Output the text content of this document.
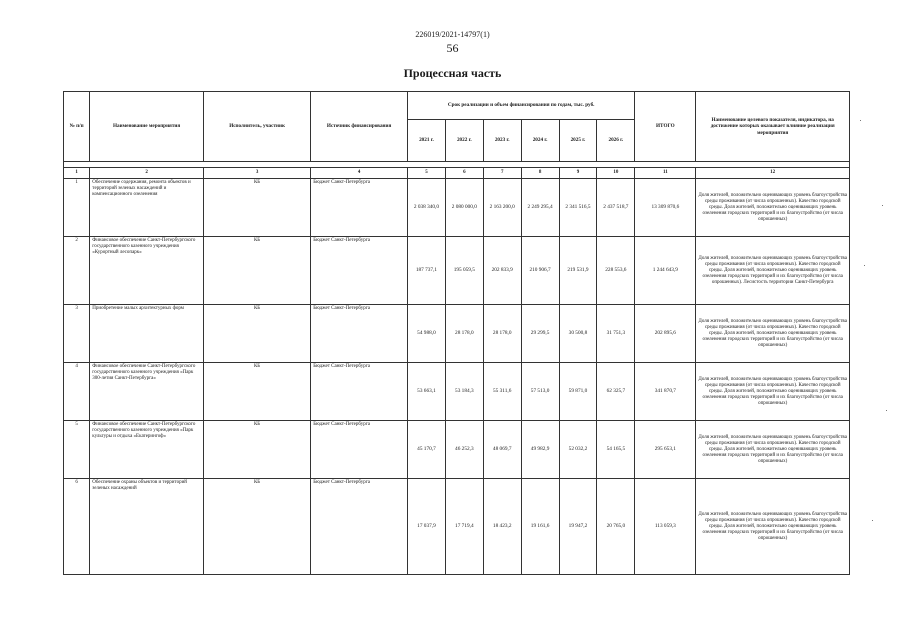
226019/2021-14797(1)
56
Процессная часть
№ п/п	Наименование мероприятия	Исполнитель, участник	Источник финансирования	Срок реализации и объем финансирования по годам, тыс. руб.						ИТОГО	Наименование целевого показателя, индикатора, на достижение которых оказывает влияние реализация мероприятия
				2021 г.	2022 г.	2023 г.	2024 г.	2025 г.	2026 г.		

1	2	3	4	5	6	7	8	9	10	11	12
1	Обеспечение содержания, ремонта объектов и территорий зеленых насаждений и компенсационного озеленения	КБ	Бюджет Санкт-Петербурга	2 038 340,0	2 080 000,0	2 163 200,0	2 249 295,4	2 341 516,5	2 437 518,7	13 309 870,6	Доля жителей, положительно оценивающих уровень благоустройства среды проживания (от числа опрошенных). Качество городской среды. Доля жителей, положительно оценивающих уровень озеленения городских территорий и их благоустройство (от числа опрошенных)
2	Финансовое обеспечение Санкт-Петербургского государственного казенного учреждения «Курортный лесопарк»	КБ	Бюджет Санкт-Петербурга	187 737,1	195 059,5	202 833,9	210 906,7	219 531,9	228 553,6	1 244 643,9	Доля жителей, положительно оценивающих уровень благоустройства среды проживания (от числа опрошенных). Качество городской среды. Доля жителей, положительно оценивающих уровень озеленения городских территорий и их благоустройство (от числа опрошенных). Лесистость территории Санкт-Петербурга
3	Приобретение малых архитектурных форм	КБ	Бюджет Санкт-Петербурга	54 988,0	28 178,0	28 178,0	29 299,5	30 500,8	31 751,3	202 895,6	Доля жителей, положительно оценивающих уровень благоустройства среды проживания (от числа опрошенных). Качество городской среды. Доля жителей, положительно оценивающих уровень озеленения городских территорий и их благоустройство (от числа опрошенных)
4	Финансовое обеспечение Санкт-Петербургского государственного казенного учреждения «Парк 300-летия Санкт-Петербурга»	КБ	Бюджет Санкт-Петербурга	53 663,1	53 184,3	55 311,6	57 513,0	59 871,0	62 325,7	341 870,7	Доля жителей, положительно оценивающих уровень благоустройства среды проживания (от числа опрошенных). Качество городской среды. Доля жителей, положительно оценивающих уровень озеленения городских территорий и их благоустройство (от числа опрошенных)
5	Финансовое обеспечение Санкт-Петербургского государственного казенного учреждения «Парк культуры и отдыха «Екатерингоф»	КБ	Бюджет Санкт-Петербурга	45 170,7	46 252,3	48 069,7	49 982,9	52 032,2	54 165,5	295 653,1	Доля жителей, положительно оценивающих уровень благоустройства среды проживания (от числа опрошенных). Качество городской среды. Доля жителей, положительно оценивающих уровень озеленения городских территорий и их благоустройство (от числа опрошенных)
6	Обеспечение охраны объектов и территорий зеленых насаждений	КБ	Бюджет Санкт-Петербурга	17 037,9	17 719,4	18 423,2	19 161,6	19 947,2	20 765,0	113 059,3	Доля жителей, положительно оценивающих уровень благоустройства среды проживания (от числа опрошенных). Качество городской среды. Доля жителей, положительно оценивающих уровень озеленения городских территорий и их благоустройство (от числа опрошенных)
